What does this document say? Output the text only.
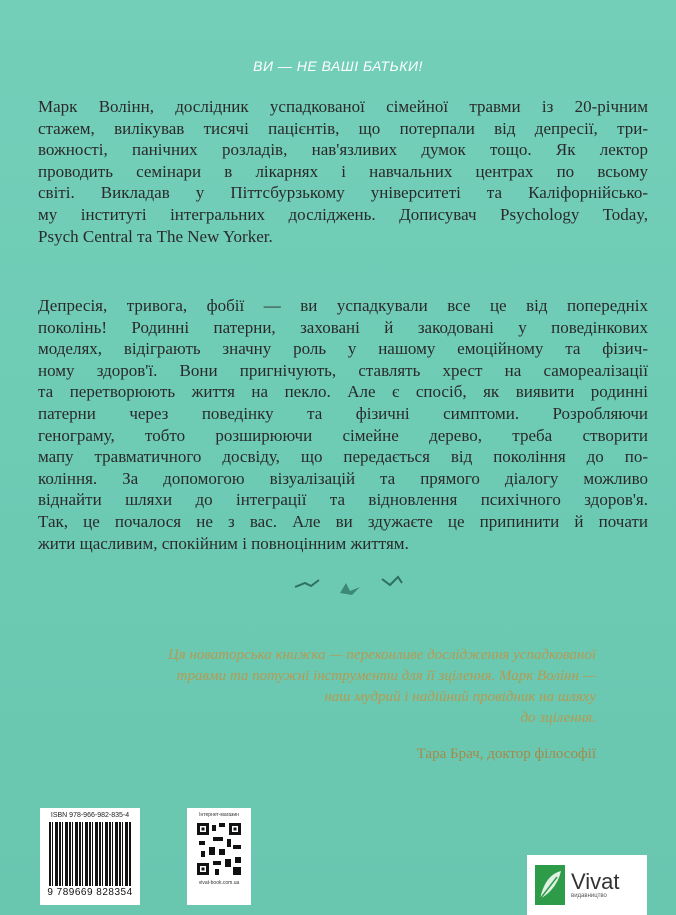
ВИ — НЕ ВАШІ БАТЬКИ!
Марк Волінн, дослідник успадкованої сімейної травми із 20-річним
стажем, вилікував тисячі пацієнтів, що потерпали від депресії, три-
вожності, панічних розладів, нав'язливих думок тощо. Як лектор
проводить семінари в лікарнях і навчальних центрах по всьому
світі. Викладав у Піттсбурзькому університеті та Каліфорнійсько-
му інституті інтегральних досліджень. Дописувач Psychology Today,
Psych Central та The New Yorker.
Депресія, тривога, фобії — ви успадкували все це від попередніх
поколінь! Родинні патерни, заховані й закодовані у поведінкових
моделях, відіграють значну роль у нашому емоційному та фізич-
ному здоров'ї. Вони пригнічують, ставлять хрест на самореалізації
та перетворюють життя на пекло. Але є спосіб, як виявити родинні
патерни через поведінку та фізичні симптоми. Розробляючи
генограму, тобто розширюючи сімейне дерево, треба створити
мапу травматичного досвіду, що передається від покоління до по-
коління. За допомогою візуалізацій та прямого діалогу можливо
віднайти шляхи до інтеграції та відновлення психічного здоров'я.
Так, це почалося не з вас. Але ви здужаєте це припинити й почати
жити щасливим, спокійним і повноцінним життям.
Ця новаторська книжка — переконливе дослідження успадкованої
травми та потужні інструменти для її зцілення. Марк Волінн —
наш мудрий і надійний провідник на шляху
до зцілення.
Тара Брач, доктор філософії
ISBN 978-966-982-835-4
9 789669 828354
Інтернет-магазин
vivat-book.com.ua	Vivat
видавництво
